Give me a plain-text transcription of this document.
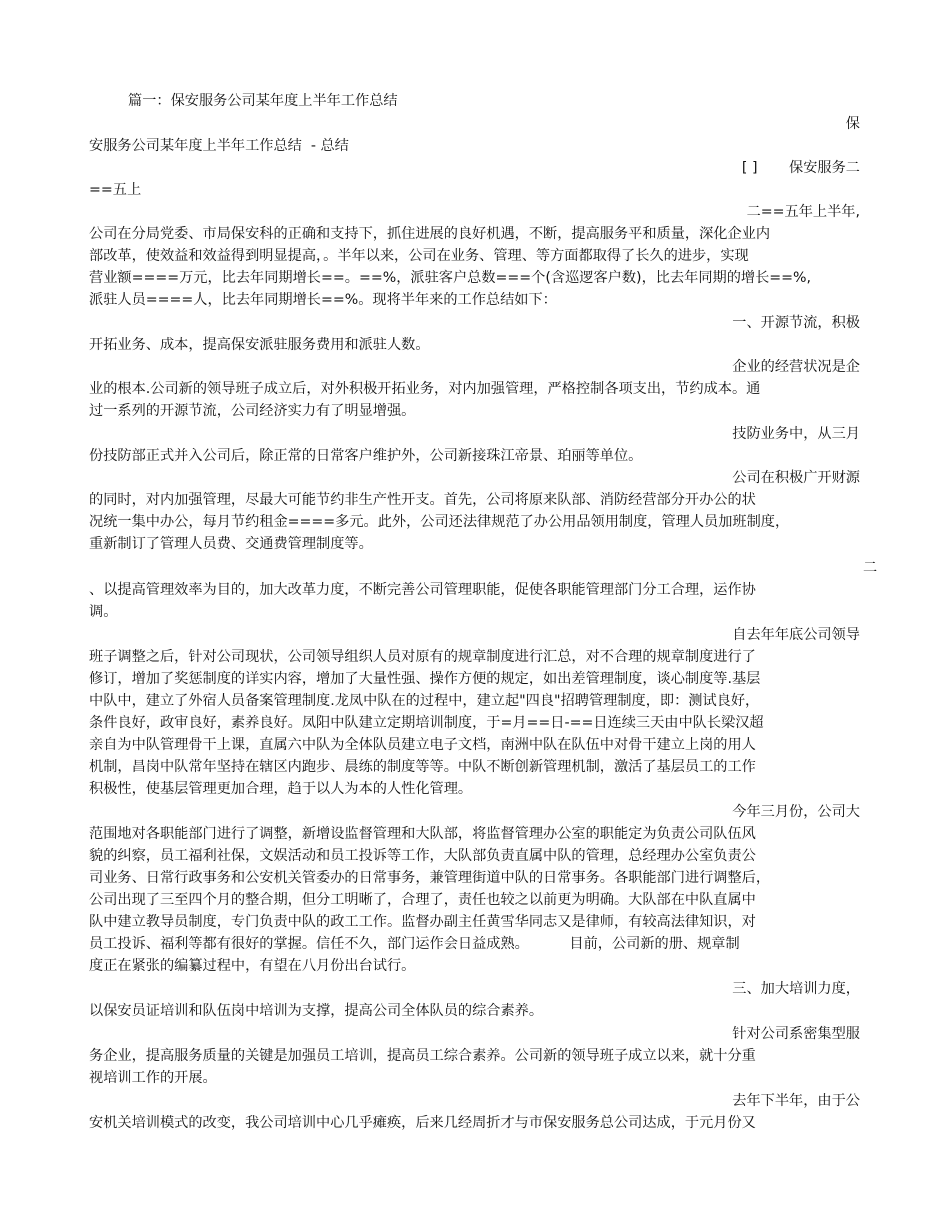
篇一：保安服务公司某年度上半年工作总结
保
安服务公司某年度上半年工作总结  - 总结
[ ]       保安服务二
==五上
二==五年上半年,
公司在分局党委、市局保安科的正确和支持下，抓住进展的良好机遇，不断，提高服务平和质量，深化企业内
部改革，使效益和效益得到明显提高，。半年以来，公司在业务、管理、等方面都取得了长久的进步，实现
营业额====万元，比去年同期增长==。==%，派驻客户总数===个(含巡逻客户数)，比去年同期的增长==%,
派驻人员====人，比去年同期增长==%。现将半年来的工作总结如下：
一、开源节流，积极
开拓业务、成本，提高保安派驻服务费用和派驻人数。
企业的经营状况是企
业的根本.公司新的领导班子成立后，对外积极开拓业务，对内加强管理，严格控制各项支出，节约成本。通
过一系列的开源节流，公司经济实力有了明显增强。
技防业务中，从三月
份技防部正式并入公司后，除正常的日常客户维护外，公司新接珠江帝景、珀丽等单位。
公司在积极广开财源
的同时，对内加强管理，尽最大可能节约非生产性开支。首先，公司将原来队部、消防经营部分开办公的状
况统一集中办公，每月节约租金====多元。此外，公司还法律规范了办公用品领用制度，管理人员加班制度，
重新制订了管理人员费、交通费管理制度等。
二
、以提高管理效率为目的，加大改革力度，不断完善公司管理职能，促使各职能管理部门分工合理，运作协
调。
自去年年底公司领导
班子调整之后，针对公司现状，公司领导组织人员对原有的规章制度进行汇总，对不合理的规章制度进行了
修订，增加了奖惩制度的详实内容，增加了大量性强、操作方便的规定，如出差管理制度，谈心制度等.基层
中队中，建立了外宿人员备案管理制度.龙凤中队在的过程中，建立起"四良"招聘管理制度，即：测试良好，
条件良好，政审良好，素养良好。凤阳中队建立定期培训制度，于=月==日-==日连续三天由中队长梁汉超
亲自为中队管理骨干上课，直属六中队为全体队员建立电子文档，南洲中队在队伍中对骨干建立上岗的用人
机制，昌岗中队常年坚持在辖区内跑步、晨练的制度等等。中队不断创新管理机制，激活了基层员工的工作
积极性，使基层管理更加合理，趋于以人为本的人性化管理。
今年三月份，公司大
范围地对各职能部门进行了调整，新增设监督管理和大队部，将监督管理办公室的职能定为负责公司队伍风
貌的纠察，员工福利社保，文娱活动和员工投诉等工作，大队部负责直属中队的管理，总经理办公室负责公
司业务、日常行政事务和公安机关管委办的日常事务，兼管理街道中队的日常事务。各职能部门进行调整后，
公司出现了三至四个月的整合期，但分工明晰了，合理了，责任也较之以前更为明确。大队部在中队直属中
队中建立教导员制度，专门负责中队的政工工作。监督办副主任黄雪华同志又是律师，有较高法律知识，对
员工投诉、福利等都有很好的掌握。信任不久，部门运作会日益成熟。         目前，公司新的册、规章制
度正在紧张的编纂过程中，有望在八月份出台试行。
三、加大培训力度，
以保安员证培训和队伍岗中培训为支撑，提高公司全体队员的综合素养。
针对公司系密集型服
务企业，提高服务质量的关键是加强员工培训，提高员工综合素养。公司新的领导班子成立以来，就十分重
视培训工作的开展。
去年下半年，由于公
安机关培训模式的改变，我公司培训中心几乎瘫痪，后来几经周折才与市保安服务总公司达成，于元月份又
